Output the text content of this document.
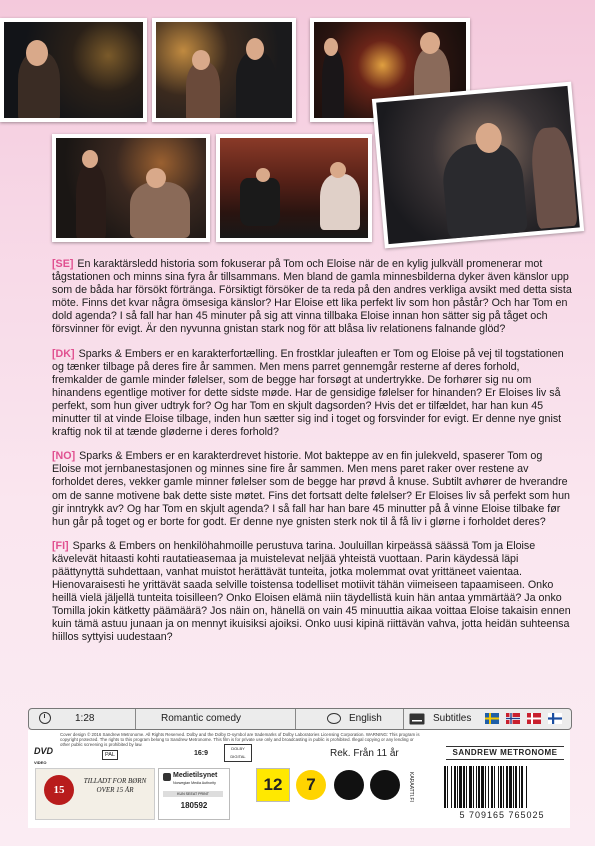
[SE] En karaktärsledd historia som fokuserar på Tom och Eloise när de en kylig julkväll promenerar mot tågstationen och minns sina fyra år tillsammans. Men bland de gamla minnesbilderna dyker även känslor upp som de båda har försökt förtränga. Försiktigt försöker de ta reda på den andres verkliga avsikt med detta sista möte. Finns det kvar några ömsesiga känslor? Har Eloise ett lika perfekt liv som hon påstår? Och har Tom en dold agenda? I så fall har han 45 minuter på sig att vinna tillbaka Eloise innan hon sätter sig på tåget och försvinner för evigt. Är den nyvunna gnistan stark nog för att blåsa liv relationens falnande glöd?

[DK] Sparks & Embers er en karakterfortælling. En frostklar juleaften er Tom og Eloise på vej til togstationen og tænker tilbage på deres fire år sammen. Men mens parret gennemgår resterne af deres forhold, fremkalder de gamle minder følelser, som de begge har forsøgt at undertrykke. De forhører sig nu om hinandens egentlige motiver for dette sidste møde. Har de gensidige følelser for hinanden? Er Eloises liv så perfekt, som hun giver udtryk for? Og har Tom en skjult dagsorden? Hvis det er tilfældet, har han kun 45 minutter til at vinde Eloise tilbage, inden hun sætter sig ind i toget og forsvinder for evigt. Er denne nye gnist kraftig nok til at tænde gløderne i deres forhold?

[NO] Sparks & Embers er en karakterdrevet historie. Mot bakteppe av en fin julekveld, spaserer Tom og Eloise mot jernbanestasjonen og minnes sine fire år sammen. Men mens paret raker over restene av forholdet deres, vekker gamle minner følelser som de begge har prøvd å knuse. Subtilt avhører de hverandre om de sanne motivene bak dette siste møtet. Fins det fortsatt delte følelser? Er Eloises liv så perfekt som hun gir inntrykk av? Og har Tom en skjult agenda? I så fall har han bare 45 minutter på å vinne Eloise tilbake før hun går på toget og er borte for godt. Er denne nye gnisten sterk nok til å få liv i glørne i forholdet deres?

[FI] Sparks & Embers on henkilöhahmoille perustuva tarina. Jouluillan kirpeässä säässä Tom ja Eloise kävelevät hitaasti kohti rautatieasemaa ja muistelevat neljää yhteistä vuottaan. Parin käydessä läpi päättynyttä suhdettaan, vanhat muistot herättävät tunteita, jotka molemmat ovat yrittäneet vaientaa. Hienovaraisesti he yrittävät saada selville toistensa todelliset motiivit tähän viimeiseen tapaamiseen. Onko heillä vielä jäljellä tunteita toisilleen? Onko Eloisen elämä niin täydellistä kuin hän antaa ymmärtää? Ja onko Tomilla jokin kätketty päämäärä? Jos näin on, hänellä on vain 45 minuuttia aikaa voittaa Eloise takaisin ennen kuin tämä astuu junaan ja on mennyt ikuisiksi ajoiksi. Onko uusi kipinä riittävän vahva, jotta heidän suhteensa hiillos syttyisi uudestaan?

1:28	Romantic comedy	English	Subtitles
Cover design © 2016 Sandrew Metronome. All Rights Reserved. Dolby and the Dolby D-symbol are trademarks of Dolby Laboratories Licensing Corporation. WARNING: This program is copyright protected. The rights to this program belong to Sandrew Metronome. This film is for private use only and broadcasting in public is prohibited. Illegal copying or any lending or other public screening is prohibited by law.
DVD
VIDEO
PAL	16:9
DOLBY DIGITAL	Rek. Från 11 år	SANDREW METRONOME
15
TILLADT FOR BØRN OVER 15 ÅR
Medietilsynet
Norwegian Media Authority
KUN SEEAT PRINT
180592
12	7	KARAATTI.FI
5 709165 765025
